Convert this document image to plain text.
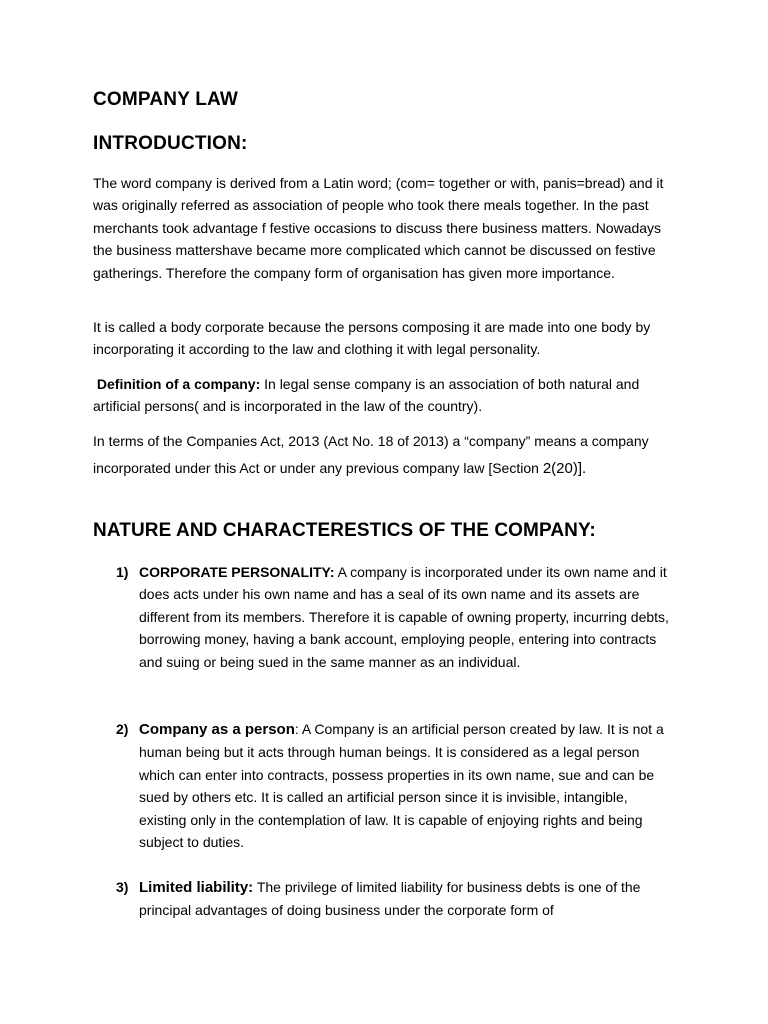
COMPANY LAW
INTRODUCTION:

The word company is derived from a Latin word; (com= together or with, panis=bread) and it was originally referred as association of people who took there meals together. In the past merchants took advantage f festive occasions to discuss there business matters. Nowadays the business mattershave became more complicated which cannot be discussed on festive gatherings. Therefore the company form of organisation has given more importance.

It is called a body corporate because the persons composing it are made into one body by incorporating it according to the law and clothing it with legal personality.

Definition of a company: In legal sense company is an association of both natural and artificial persons( and is incorporated in the law of the country).

In terms of the Companies Act, 2013 (Act No. 18 of 2013) a “company” means a company incorporated under this Act or under any previous company law [Section 2(20)].

NATURE AND CHARACTERESTICS OF THE COMPANY:
1) CORPORATE PERSONALITY: A company is incorporated under its own name and it does acts under his own name and has a seal of its own name and its assets are different from its members. Therefore it is capable of owning property, incurring debts, borrowing money, having a bank account, employing people, entering into contracts and suing or being sued in the same manner as an individual.

2) Company as a person: A Company is an artificial person created by law. It is not a human being but it acts through human beings. It is considered as a legal person which can enter into contracts, possess properties in its own name, sue and can be sued by others etc. It is called an artificial person since it is invisible, intangible, existing only in the contemplation of law. It is capable of enjoying rights and being subject to duties.

3) Limited liability: The privilege of limited liability for business debts is one of the principal advantages of doing business under the corporate form of
